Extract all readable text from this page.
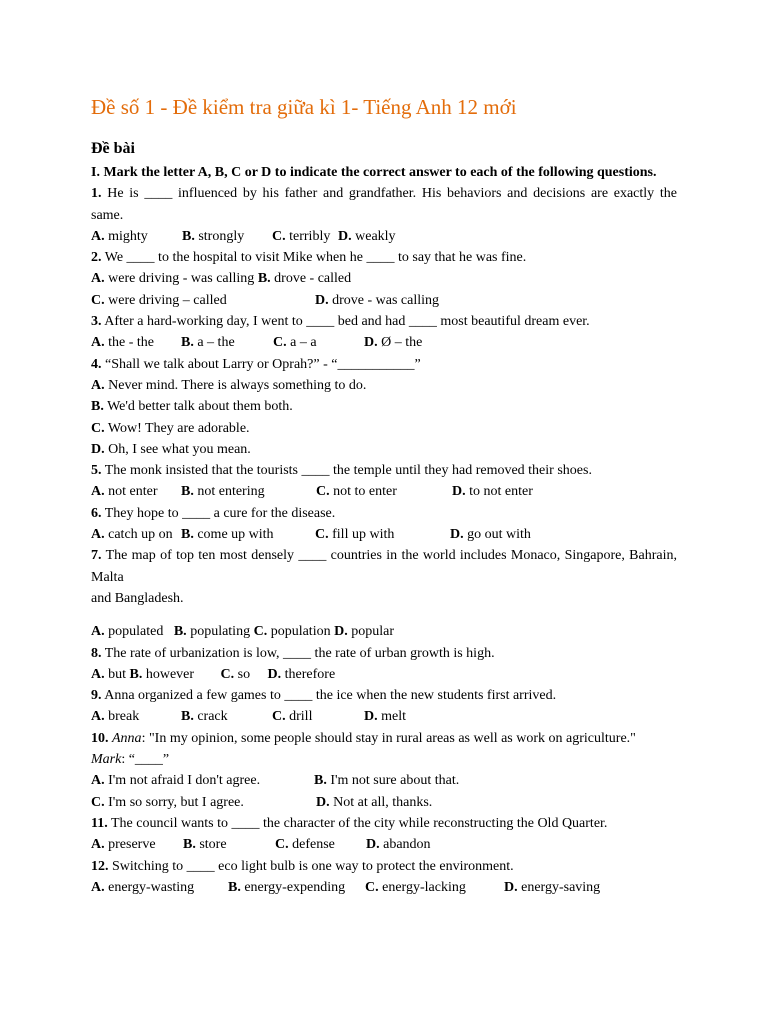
Đề số 1 - Đề kiểm tra giữa kì 1- Tiếng Anh 12 mới
Đề bài
I. Mark the letter A, B, C or D to indicate the correct answer to each of the following questions.
1. He is ____ influenced by his father and grandfather. His behaviors and decisions are exactly the same.
A. mighty B. strongly C. terribly D. weakly
2. We ____ to the hospital to visit Mike when he ____ to say that he was fine.
A. were driving - was calling B. drove - called
C. were driving – called	D. drove - was calling
3. After a hard-working day, I went to ____ bed and had ____ most beautiful dream ever.
A. the - the B. a – the	C. a – a	D. Ø – the
4. “Shall we talk about Larry or Oprah?” - “___________”
A. Never mind. There is always something to do.
B. We'd better talk about them both.
C. Wow! They are adorable.
D. Oh, I see what you mean.
5. The monk insisted that the tourists ____ the temple until they had removed their shoes.
A. not enter B. not entering	C. not to enter	D. to not enter
6. They hope to ____ a cure for the disease.
A. catch up on B. come up with	C. fill up with	D. go out with
7. The map of top ten most densely ____ countries in the world includes Monaco, Singapore, Bahrain, Malta
and Bangladesh.
A. populated B. populating C. population D. popular
8. The rate of urbanization is low, ____ the rate of urban growth is high.
A. but B. however C. so D. therefore
9. Anna organized a few games to ____ the ice when the new students first arrived.
A. break	B. crack	C. drill	D. melt
10. Anna: "In my opinion, some people should stay in rural areas as well as work on agriculture."
Mark: “____”
A. I'm not afraid I don't agree.	B. I'm not sure about that.
C. I'm so sorry, but I agree.	D. Not at all, thanks.
11. The council wants to ____ the character of the city while reconstructing the Old Quarter.
A. preserve B. store	C. defense D. abandon
12. Switching to ____ eco light bulb is one way to protect the environment.
A. energy-wasting B. energy-expending C. energy-lacking	D. energy-saving
